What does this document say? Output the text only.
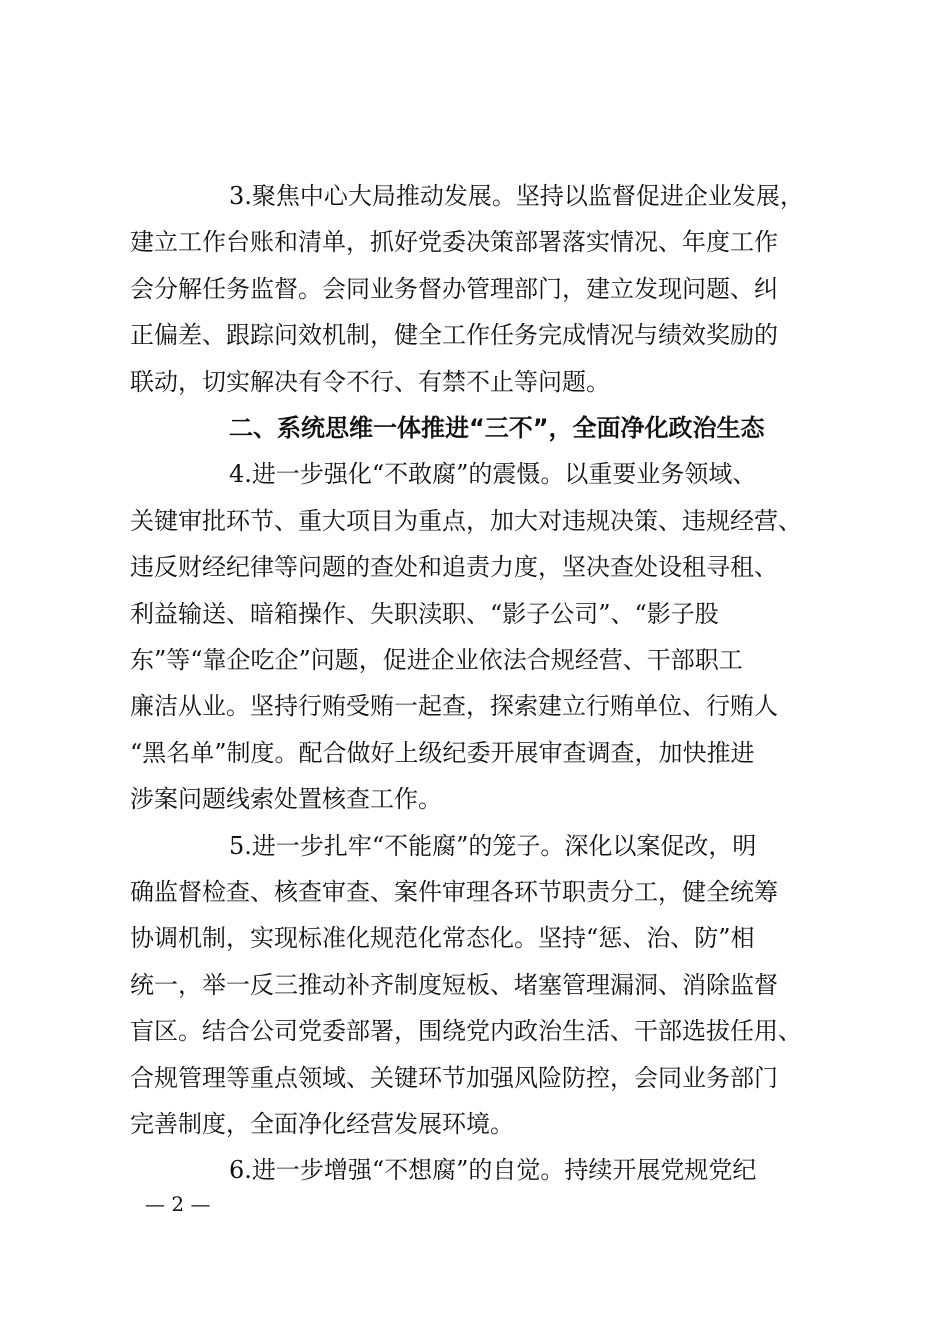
3.聚焦中心大局推动发展。坚持以监督促进企业发展，

建立工作台账和清单，抓好党委决策部署落实情况、年度工作

会分解任务监督。会同业务督办管理部门，建立发现问题、纠

正偏差、跟踪问效机制，健全工作任务完成情况与绩效奖励的

联动，切实解决有令不行、有禁不止等问题。

二、系统思维一体推进“三不”，全面净化政治生态

4.进一步强化“不敢腐”的震慑。以重要业务领域、

关键审批环节、重大项目为重点，加大对违规决策、违规经营、

违反财经纪律等问题的查处和追责力度，坚决查处设租寻租、

利益输送、暗箱操作、失职渎职、“影子公司”、“影子股

东”等“靠企吃企”问题，促进企业依法合规经营、干部职工

廉洁从业。坚持行贿受贿一起查，探索建立行贿单位、行贿人

“黑名单”制度。配合做好上级纪委开展审查调查，加快推进

涉案问题线索处置核查工作。

5.进一步扎牢“不能腐”的笼子。深化以案促改，明

确监督检查、核查审查、案件审理各环节职责分工，健全统筹

协调机制，实现标准化规范化常态化。坚持“惩、治、防”相

统一，举一反三推动补齐制度短板、堵塞管理漏洞、消除监督

盲区。结合公司党委部署，围绕党内政治生活、干部选拔任用、

合规管理等重点领域、关键环节加强风险防控，会同业务部门

完善制度，全面净化经营发展环境。

6.进一步增强“不想腐”的自觉。持续开展党规党纪

— 2 —
